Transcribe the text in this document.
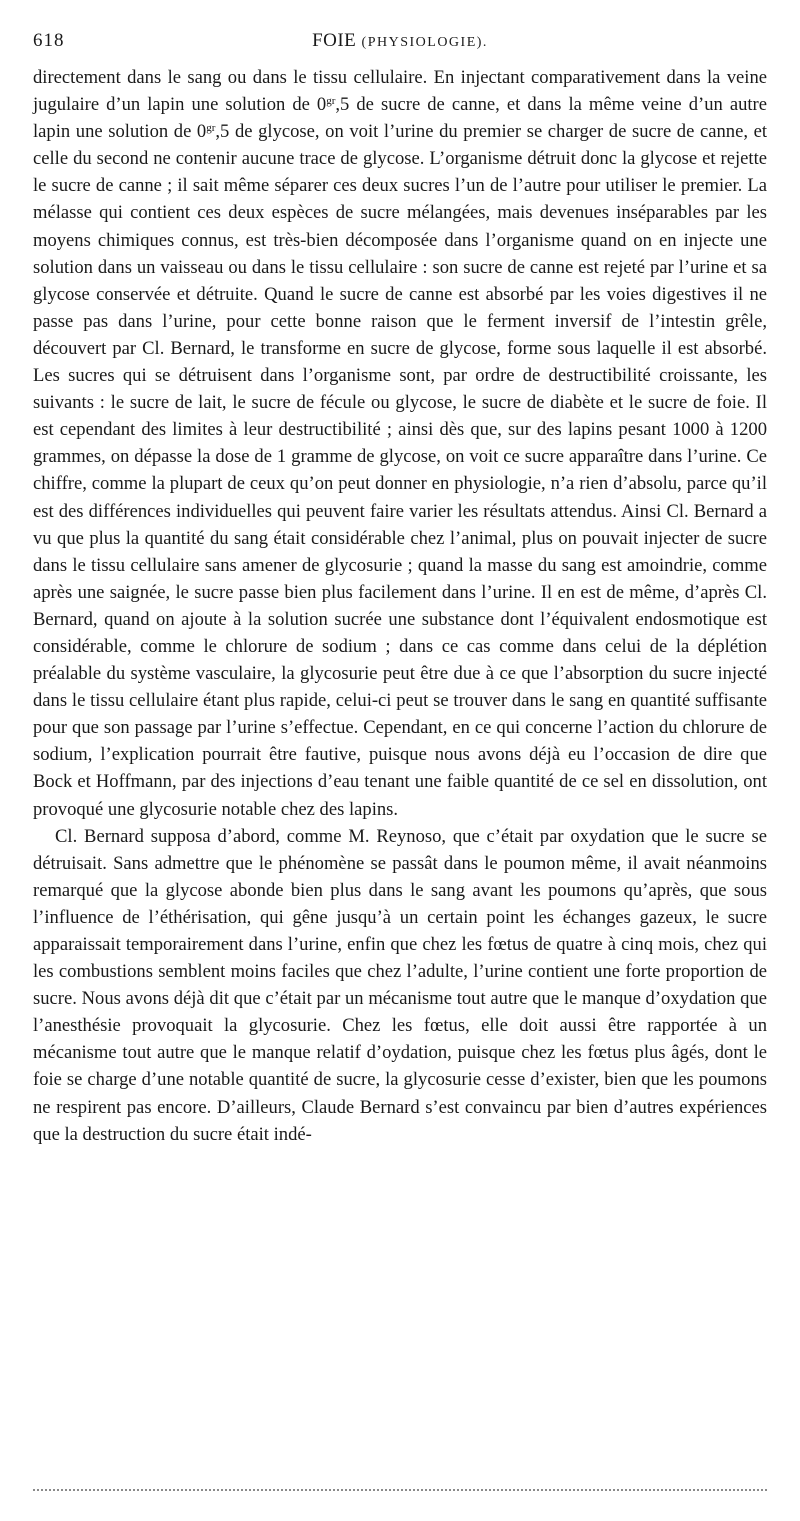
618	FOIE (PHYSIOLOGIE).

directement dans le sang ou dans le tissu cellulaire. En injectant comparativement dans la veine jugulaire d’un lapin une solution de $0^{gr},5$ de sucre de canne, et dans la même veine d’un autre lapin une solution de $0^{gr},5$ de glycose, on voit l’urine du premier se charger de sucre de canne, et celle du second ne contenir aucune trace de glycose. L’organisme détruit donc la glycose et rejette le sucre de canne ; il sait même séparer ces deux sucres l’un de l’autre pour utiliser le premier. La mélasse qui contient ces deux espèces de sucre mélangées, mais devenues inséparables par les moyens chimiques connus, est très-bien décomposée dans l’organisme quand on en injecte une solution dans un vaisseau ou dans le tissu cellulaire : son sucre de canne est rejeté par l’urine et sa glycose conservée et détruite. Quand le sucre de canne est absorbé par les voies digestives il ne passe pas dans l’urine, pour cette bonne raison que le ferment inversif de l’intestin grêle, découvert par Cl. Bernard, le transforme en sucre de glycose, forme sous laquelle il est absorbé. Les sucres qui se détruisent dans l’organisme sont, par ordre de destructibilité croissante, les suivants : le sucre de lait, le sucre de fécule ou glycose, le sucre de diabète et le sucre de foie. Il est cependant des limites à leur destructibilité ; ainsi dès que, sur des lapins pesant 1000 à 1200 grammes, on dépasse la dose de 1 gramme de glycose, on voit ce sucre apparaître dans l’urine. Ce chiffre, comme la plupart de ceux qu’on peut donner en physiologie, n’a rien d’absolu, parce qu’il est des différences individuelles qui peuvent faire varier les résultats attendus. Ainsi Cl. Bernard a vu que plus la quantité du sang était considérable chez l’animal, plus on pouvait injecter de sucre dans le tissu cellulaire sans amener de glycosurie ; quand la masse du sang est amoindrie, comme après une saignée, le sucre passe bien plus facilement dans l’urine. Il en est de même, d’après Cl. Bernard, quand on ajoute à la solution sucrée une substance dont l’équivalent endosmotique est considérable, comme le chlorure de sodium ; dans ce cas comme dans celui de la déplétion préalable du système vasculaire, la glycosurie peut être due à ce que l’absorption du sucre injecté dans le tissu cellulaire étant plus rapide, celui-ci peut se trouver dans le sang en quantité suffisante pour que son passage par l’urine s’effectue. Cependant, en ce qui concerne l’action du chlorure de sodium, l’explication pourrait être fautive, puisque nous avons déjà eu l’occasion de dire que Bock et Hoffmann, par des injections d’eau tenant une faible quantité de ce sel en dissolution, ont provoqué une glycosurie notable chez des lapins.

Cl. Bernard supposa d’abord, comme M. Reynoso, que c’était par oxydation que le sucre se détruisait. Sans admettre que le phénomène se passât dans le poumon même, il avait néanmoins remarqué que la glycose abonde bien plus dans le sang avant les poumons qu’après, que sous l’influence de l’éthérisation, qui gêne jusqu’à un certain point les échanges gazeux, le sucre apparaissait temporairement dans l’urine, enfin que chez les fœtus de quatre à cinq mois, chez qui les combustions semblent moins faciles que chez l’adulte, l’urine contient une forte proportion de sucre. Nous avons déjà dit que c’était par un mécanisme tout autre que le manque d’oxydation que l’anesthésie provoquait la glycosurie. Chez les fœtus, elle doit aussi être rapportée à un mécanisme tout autre que le manque relatif d’oydation, puisque chez les fœtus plus âgés, dont le foie se charge d’une notable quantité de sucre, la glycosurie cesse d’exister, bien que les poumons ne respirent pas encore. D’ailleurs, Claude Bernard s’est convaincu par bien d’autres expériences que la destruction du sucre était indé-
